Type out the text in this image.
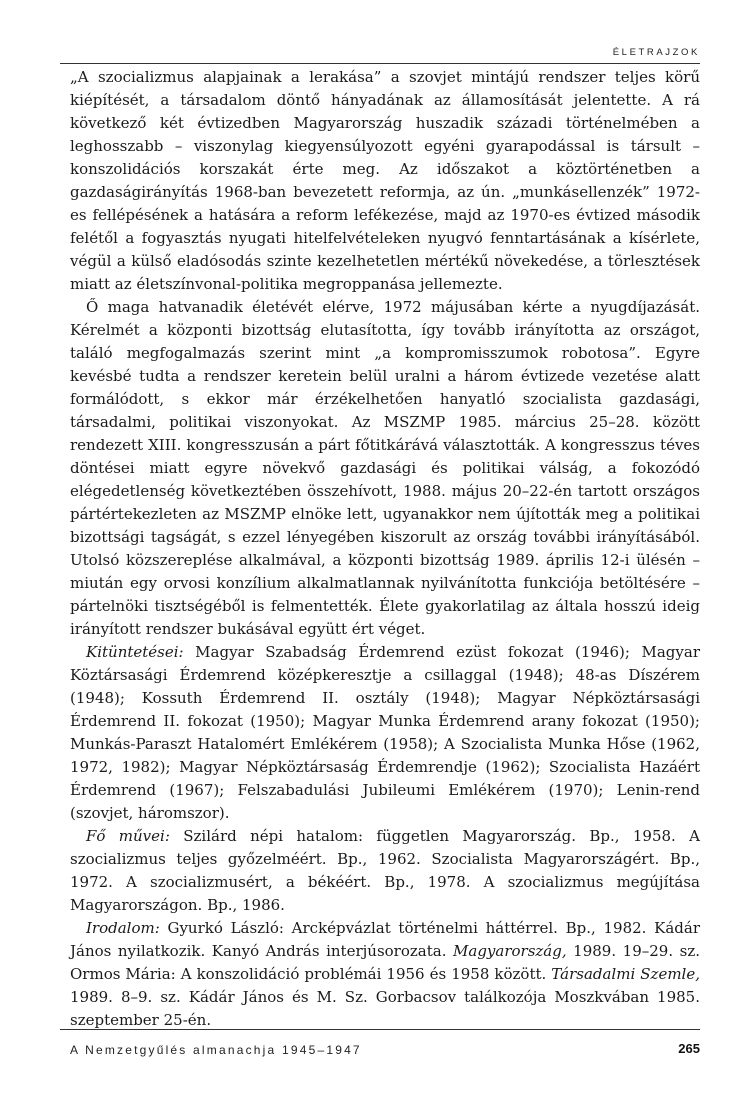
ÉLETRAJZOK

„A szocializmus alapjainak a lerakása” a szovjet mintájú rendszer teljes körű kiépítését, a társadalom döntő hányadának az államosítását jelentette. A rá következő két évtizedben Magyarország huszadik századi történelmében a leghosszabb – viszonylag kiegyensúlyozott egyéni gyarapodással is társult – konszolidációs korszakát érte meg. Az időszakot a köztörténetben a gazdaságirányítás 1968-ban bevezetett reformja, az ún. „munkásellenzék” 1972-es fellépésének a hatására a reform lefékezése, majd az 1970-es évtized második felétől a fogyasztás nyugati hitelfelvételeken nyugvó fenntartásának a kísérlete, végül a külső eladósodás szinte kezelhetetlen mértékű növekedése, a törlesztések miatt az életszínvonal-politika megroppanása jellemezte.

Ő maga hatvanadik életévét elérve, 1972 májusában kérte a nyugdíjazását. Kérelmét a központi bizottság elutasította, így tovább irányította az országot, találó megfogalmazás szerint mint „a kompromisszumok robotosa”. Egyre kevésbé tudta a rendszer keretein belül uralni a három évtizede vezetése alatt formálódott, s ekkor már érzékelhetően hanyatló szocialista gazdasági, társadalmi, politikai viszonyokat. Az MSZMP 1985. március 25–28. között rendezett XIII. kongresszusán a párt főtitkárává választották. A kongresszus téves döntései miatt egyre növekvő gazdasági és politikai válság, a fokozódó elégedetlenség következtében összehívott, 1988. május 20–22-én tartott országos pártértekezleten az MSZMP elnöke lett, ugyanakkor nem újították meg a politikai bizottsági tagságát, s ezzel lényegében kiszorult az ország további irányításából. Utolsó közszereplése alkalmával, a központi bizottság 1989. április 12-i ülésén – miután egy orvosi konzílium alkalmatlannak nyilvánította funkciója betöltésére – pártelnöki tisztségéből is felmentették. Élete gyakorlatilag az általa hosszú ideig irányított rendszer bukásával együtt ért véget.

Kitüntetései: Magyar Szabadság Érdemrend ezüst fokozat (1946); Magyar Köztársasági Érdemrend középkeresztje a csillaggal (1948); 48-as Díszérem (1948); Kossuth Érdemrend II. osztály (1948); Magyar Népköztársasági Érdemrend II. fokozat (1950); Magyar Munka Érdemrend arany fokozat (1950); Munkás-Paraszt Hatalomért Emlékérem (1958); A Szocialista Munka Hőse (1962, 1972, 1982); Magyar Népköztársaság Érdemrendje (1962); Szocialista Hazáért Érdemrend (1967); Felszabadulási Jubileumi Emlékérem (1970); Lenin-rend (szovjet, háromszor).

Fő művei: Szilárd népi hatalom: független Magyarország. Bp., 1958. A szocializmus teljes győzelméért. Bp., 1962. Szocialista Magyarországért. Bp., 1972. A szocializmusért, a békéért. Bp., 1978. A szocializmus megújítása Magyarországon. Bp., 1986.

Irodalom: Gyurkó László: Arcképvázlat történelmi háttérrel. Bp., 1982. Kádár János nyilatkozik. Kanyó András interjúsorozata. Magyarország, 1989. 19–29. sz. Ormos Mária: A konszolidáció problémái 1956 és 1958 között. Társadalmi Szemle, 1989. 8–9. sz. Kádár János és M. Sz. Gorbacsov találkozója Moszkvában 1985. szeptember 25-én.

A Nemzetgyűlés almanachja 1945–1947	265
